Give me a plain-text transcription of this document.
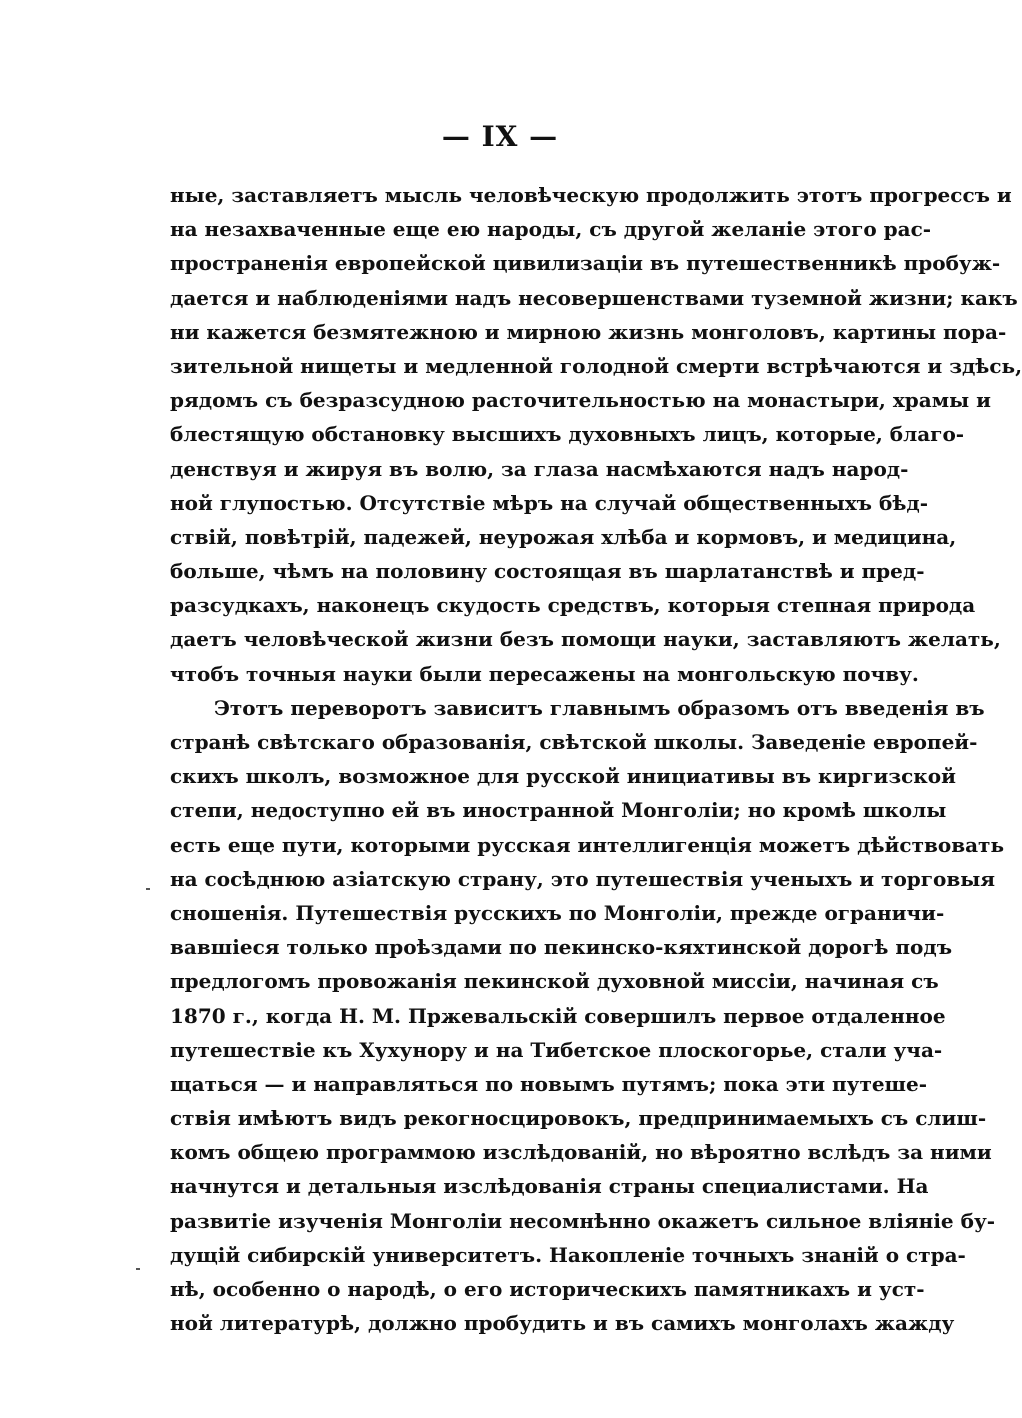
— IX —
ные, заставляетъ мысль человѣческую продолжить этотъ прогрессъ и
на незахваченные еще ею народы, съ другой желаніе этого рас-
пространенія европейской цивилизаціи въ путешественникѣ пробуж-
дается и наблюденіями надъ несовершенствами туземной жизни; какъ
ни кажется безмятежною и мирною жизнь монголовъ, картины пора-
зительной нищеты и медленной голодной смерти встрѣчаются и здѣсь,
рядомъ съ безразсудною расточительностью на монастыри, храмы и
блестящую обстановку высшихъ духовныхъ лицъ, которые, благо-
денствуя и жируя въ волю, за глаза насмѣхаются надъ народ-
ной глупостью. Отсутствіе мѣръ на случай общественныхъ бѣд-
ствій, повѣтрій, падежей, неурожая хлѣба и кормовъ, и медицина,
больше, чѣмъ на половину состоящая въ шарлатанствѣ и пред-
разсудкахъ, наконецъ скудость средствъ, которыя степная природа
даетъ человѣческой жизни безъ помощи науки, заставляютъ желать,
чтобъ точныя науки были пересажены на монгольскую почву.
Этотъ переворотъ зависитъ главнымъ образомъ отъ введенія въ
странѣ свѣтскаго образованія, свѣтской школы. Заведеніе европей-
скихъ школъ, возможное для русской инициативы въ киргизской
степи, недоступно ей въ иностранной Монголіи; но кромѣ школы
есть еще пути, которыми русская интеллигенція можетъ дѣйствовать
на сосѣднюю азіатскую страну, это путешествія ученыхъ и торговыя
сношенія. Путешествія русскихъ по Монголіи, прежде ограничи-
вавшіеся только проѣздами по пекинско-кяхтинской дорогѣ подъ
предлогомъ провожанія пекинской духовной миссіи, начиная съ
1870 г., когда Н. М. Пржевальскій совершилъ первое отдаленное
путешествіе къ Хухунору и на Тибетское плоскогорье, стали уча-
щаться — и направляться по новымъ путямъ; пока эти путеше-
ствія имѣютъ видъ рекогносцировокъ, предпринимаемыхъ съ слиш-
комъ общею программою изслѣдованій, но вѣроятно вслѣдъ за ними
начнутся и детальныя изслѣдованія страны специалистами. На
развитіе изученія Монголіи несомнѣнно окажетъ сильное вліяніе бу-
дущій сибирскій университетъ. Накопленіе точныхъ знаній о стра-
нѣ, особенно о народѣ, о его историческихъ памятникахъ и уст-
ной литературѣ, должно пробудить и въ самихъ монголахъ жажду
